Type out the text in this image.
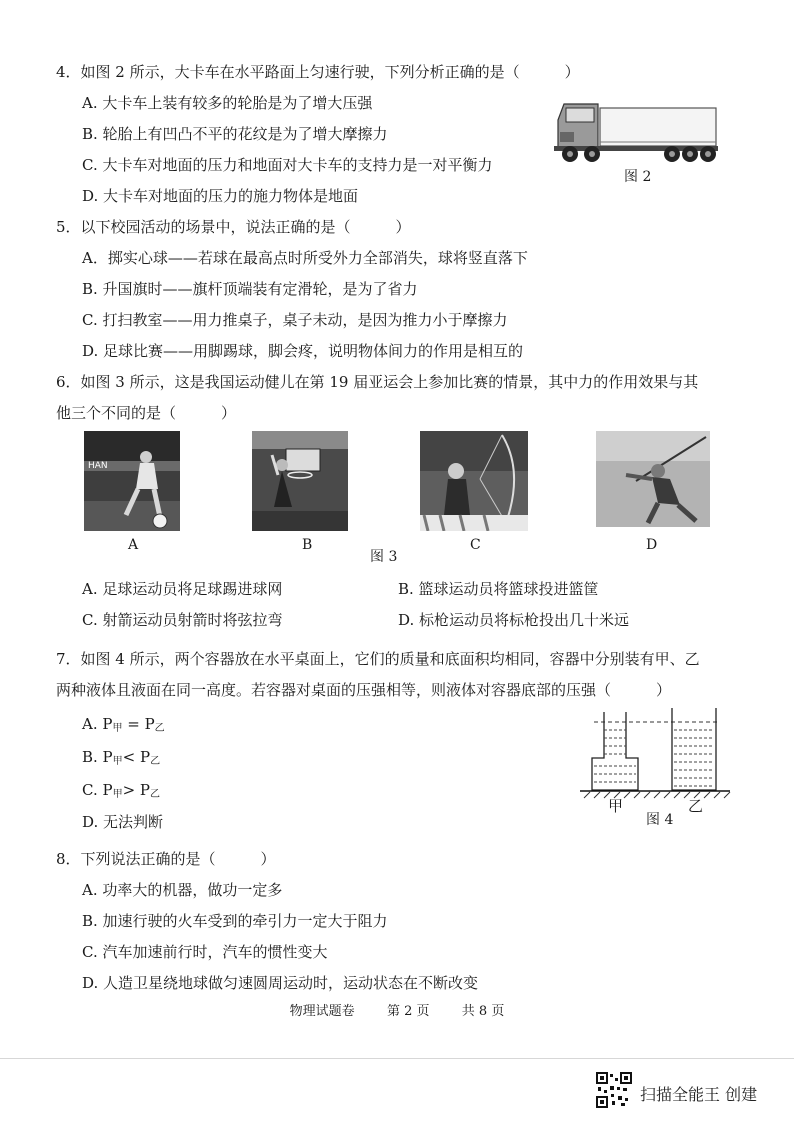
4．如图 2 所示，大卡车在水平路面上匀速行驶，下列分析正确的是（　　　）
A. 大卡车上装有较多的轮胎是为了增大压强
B. 轮胎上有凹凸不平的花纹是为了增大摩擦力
C. 大卡车对地面的压力和地面对大卡车的支持力是一对平衡力
D. 大卡车对地面的压力的施力物体是地面
图 2
5．以下校园活动的场景中，说法正确的是（　　　）
A．掷实心球——若球在最高点时所受外力全部消失，球将竖直落下
B. 升国旗时——旗杆顶端装有定滑轮，是为了省力
C. 打扫教室——用力推桌子，桌子未动，是因为推力小于摩擦力
D. 足球比赛——用脚踢球，脚会疼，说明物体间力的作用是相互的
6．如图 3 所示，这是我国运动健儿在第 19 届亚运会上参加比赛的情景，其中力的作用效果与其
他三个不同的是（　　　）
HAN
图 3
A	B	C	D
A. 足球运动员将足球踢进球网	B. 篮球运动员将篮球投进篮筐
C. 射箭运动员射箭时将弦拉弯	D. 标枪运动员将标枪投出几十米远
7．如图 4 所示，两个容器放在水平桌面上，它们的质量和底面积均相同，容器中分别装有甲、乙
两种液体且液面在同一高度。若容器对桌面的压强相等，则液体对容器底部的压强（　　　）
A. $P_甲 = P_乙$
B. $P_甲< P_乙$
C. $P_甲> P_乙$
D. 无法判断
甲	乙
图 4
8．下列说法正确的是（　　　）
A. 功率大的机器，做功一定多
B. 加速行驶的火车受到的牵引力一定大于阻力
C. 汽车加速前行时，汽车的惯性变大
D. 人造卫星绕地球做匀速圆周运动时，运动状态在不断改变
物理试题卷 第 2 页 共 8 页
扫描全能王 创建
